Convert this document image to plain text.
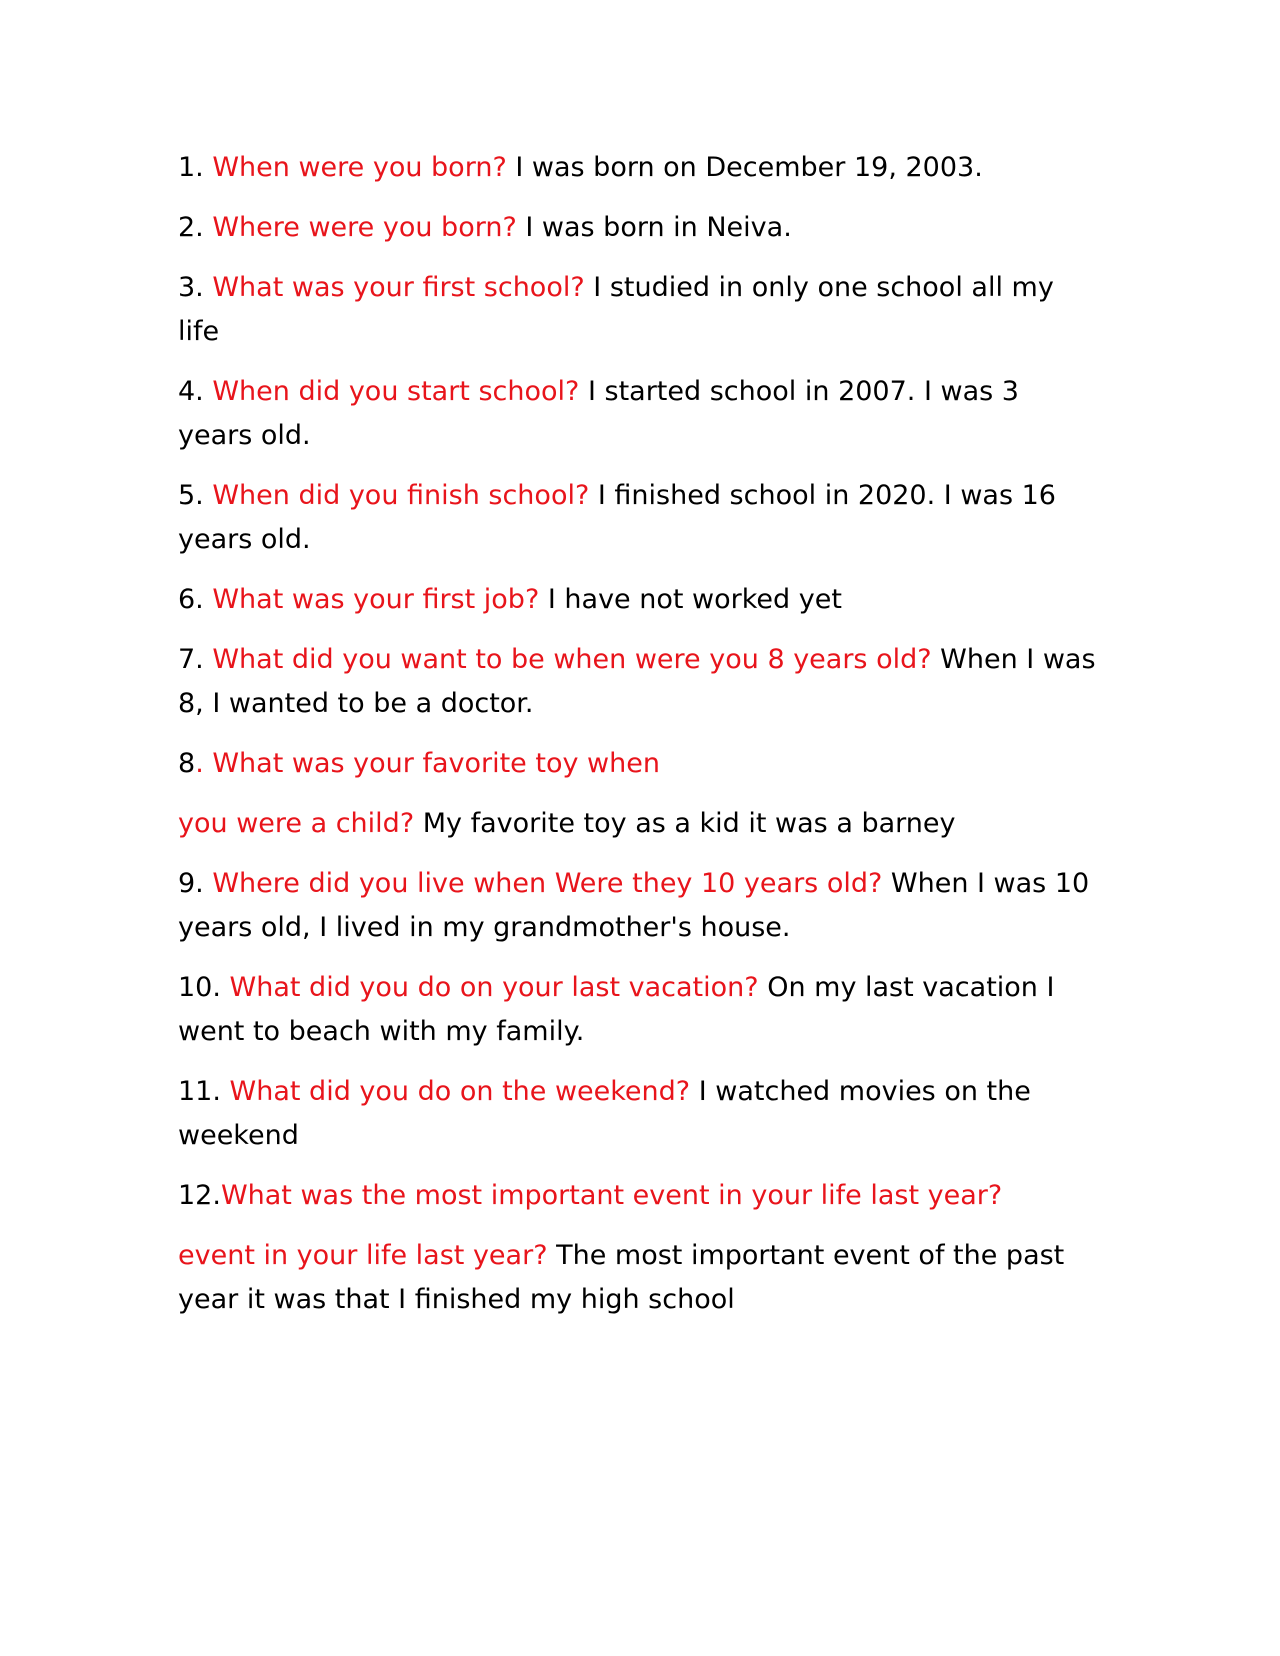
1. When were you born? I was born on December 19, 2003.

2. Where were you born? I was born in Neiva.

3. What was your first school? I studied in only one school all my life

4. When did you start school? I started school in 2007. I was 3 years old.

5. When did you finish school? I finished school in 2020. I was 16 years old.

6. What was your first job? I have not worked yet

7. What did you want to be when were you 8 years old? When I was 8, I wanted to be a doctor.

8. What was your favorite toy when

you were a child? My favorite toy as a kid it was a barney

9. Where did you live when Were they 10 years old? When I was 10 years old, I lived in my grandmother's house.

10. What did you do on your last vacation? On my last vacation I went to beach with my family.

11. What did you do on the weekend? I watched movies on the weekend

12.What was the most important event in your life last year?

event in your life last year? The most important event of the past year it was that I finished my high school
